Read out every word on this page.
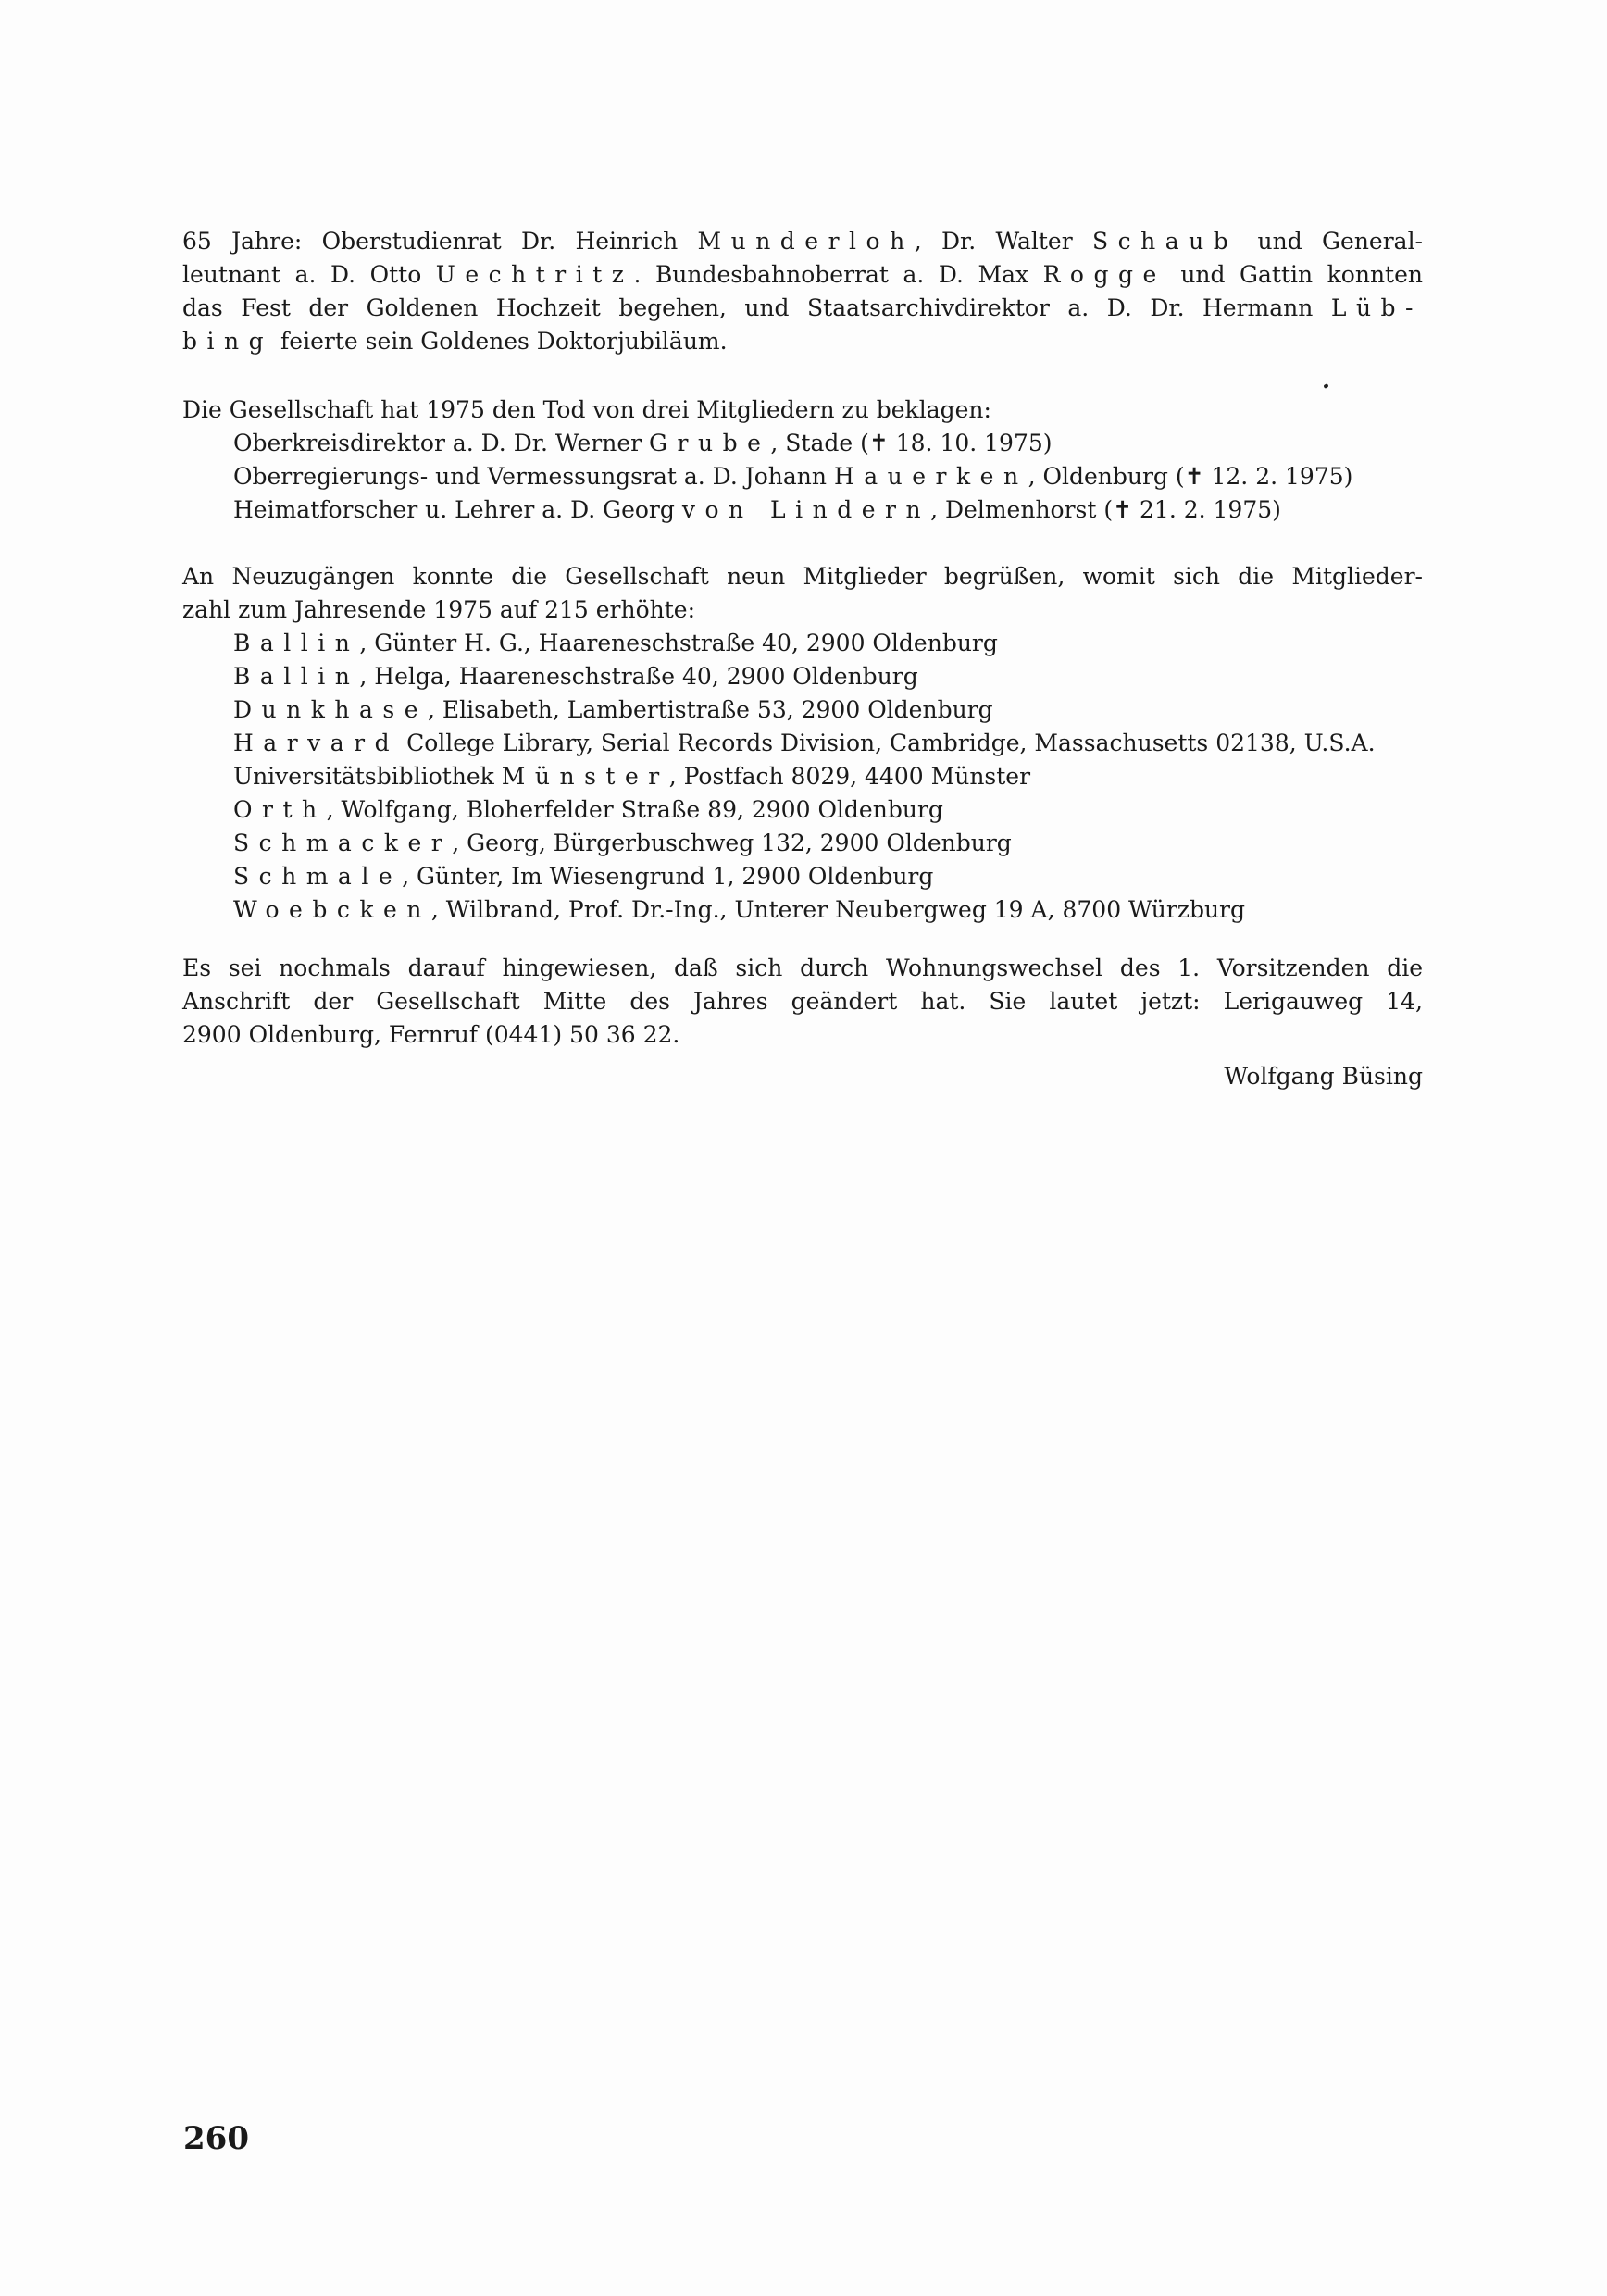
65 Jahre: Oberstudienrat Dr. Heinrich Munderloh, Dr. Walter Schaub und General-
leutnant a. D. Otto Uechtritz. Bundesbahnoberrat a. D. Max Rogge und Gattin konnten
das Fest der Goldenen Hochzeit begehen, und Staatsarchivdirektor a. D. Dr. Hermann Lüb-
bing feierte sein Goldenes Doktorjubiläum.
Die Gesellschaft hat 1975 den Tod von drei Mitgliedern zu beklagen:
Oberkreisdirektor a. D. Dr. Werner Grube, Stade (✝ 18. 10. 1975)
Oberregierungs- und Vermessungsrat a. D. Johann Hauerken, Oldenburg (✝ 12. 2. 1975)
Heimatforscher u. Lehrer a. D. Georg von Lindern, Delmenhorst (✝ 21. 2. 1975)
An Neuzugängen konnte die Gesellschaft neun Mitglieder begrüßen, womit sich die Mitglieder-
zahl zum Jahresende 1975 auf 215 erhöhte:
Ballin, Günter H. G., Haareneschstraße 40, 2900 Oldenburg
Ballin, Helga, Haareneschstraße 40, 2900 Oldenburg
Dunkhase, Elisabeth, Lambertistraße 53, 2900 Oldenburg
Harvard College Library, Serial Records Division, Cambridge, Massachusetts 02138, U.S.A.
Universitätsbibliothek Münster, Postfach 8029, 4400 Münster
Orth, Wolfgang, Bloherfelder Straße 89, 2900 Oldenburg
Schmacker, Georg, Bürgerbuschweg 132, 2900 Oldenburg
Schmale, Günter, Im Wiesengrund 1, 2900 Oldenburg
Woebcken, Wilbrand, Prof. Dr.-Ing., Unterer Neubergweg 19 A, 8700 Würzburg
Es sei nochmals darauf hingewiesen, daß sich durch Wohnungswechsel des 1. Vorsitzenden die
Anschrift der Gesellschaft Mitte des Jahres geändert hat. Sie lautet jetzt: Lerigauweg 14,
2900 Oldenburg, Fernruf (0441) 50 36 22.
Wolfgang Büsing
260
